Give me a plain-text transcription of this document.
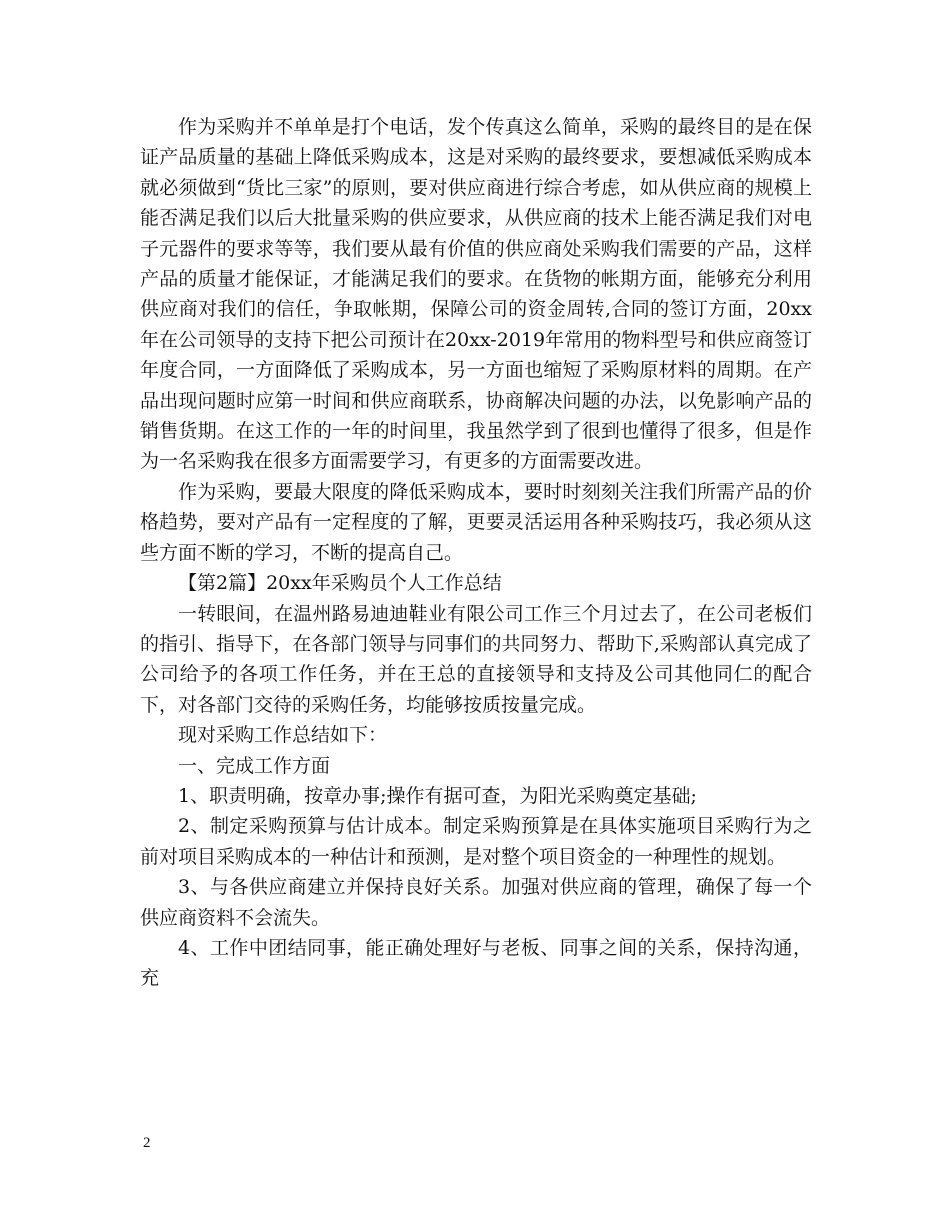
作为采购并不单单是打个电话，发个传真这么简单，采购的最终目的是在保证产品质量的基础上降低采购成本，这是对采购的最终要求，要想减低采购成本就必须做到“货比三家”的原则，要对供应商进行综合考虑，如从供应商的规模上能否满足我们以后大批量采购的供应要求，从供应商的技术上能否满足我们对电子元器件的要求等等，我们要从最有价值的供应商处采购我们需要的产品，这样产品的质量才能保证，才能满足我们的要求。在货物的帐期方面，能够充分利用供应商对我们的信任，争取帐期，保障公司的资金周转,合同的签订方面，20xx年在公司领导的支持下把公司预计在20xx-2019年常用的物料型号和供应商签订年度合同，一方面降低了采购成本，另一方面也缩短了采购原材料的周期。在产品出现问题时应第一时间和供应商联系，协商解决问题的办法，以免影响产品的销售货期。在这工作的一年的时间里，我虽然学到了很到也懂得了很多，但是作为一名采购我在很多方面需要学习，有更多的方面需要改进。

作为采购，要最大限度的降低采购成本，要时时刻刻关注我们所需产品的价格趋势，要对产品有一定程度的了解，更要灵活运用各种采购技巧，我必须从这些方面不断的学习，不断的提高自己。

【第2篇】20xx年采购员个人工作总结

一转眼间，在温州路易迪迪鞋业有限公司工作三个月过去了，在公司老板们的指引、指导下，在各部门领导与同事们的共同努力、帮助下,采购部认真完成了公司给予的各项工作任务，并在王总的直接领导和支持及公司其他同仁的配合下，对各部门交待的采购任务，均能够按质按量完成。

现对采购工作总结如下：

一、完成工作方面

1、职责明确，按章办事;操作有据可查，为阳光采购奠定基础;

2、制定采购预算与估计成本。制定采购预算是在具体实施项目采购行为之前对项目采购成本的一种估计和预测，是对整个项目资金的一种理性的规划。

3、与各供应商建立并保持良好关系。加强对供应商的管理，确保了每一个供应商资料不会流失。

4、工作中团结同事，能正确处理好与老板、同事之间的关系，保持沟通，充

2
